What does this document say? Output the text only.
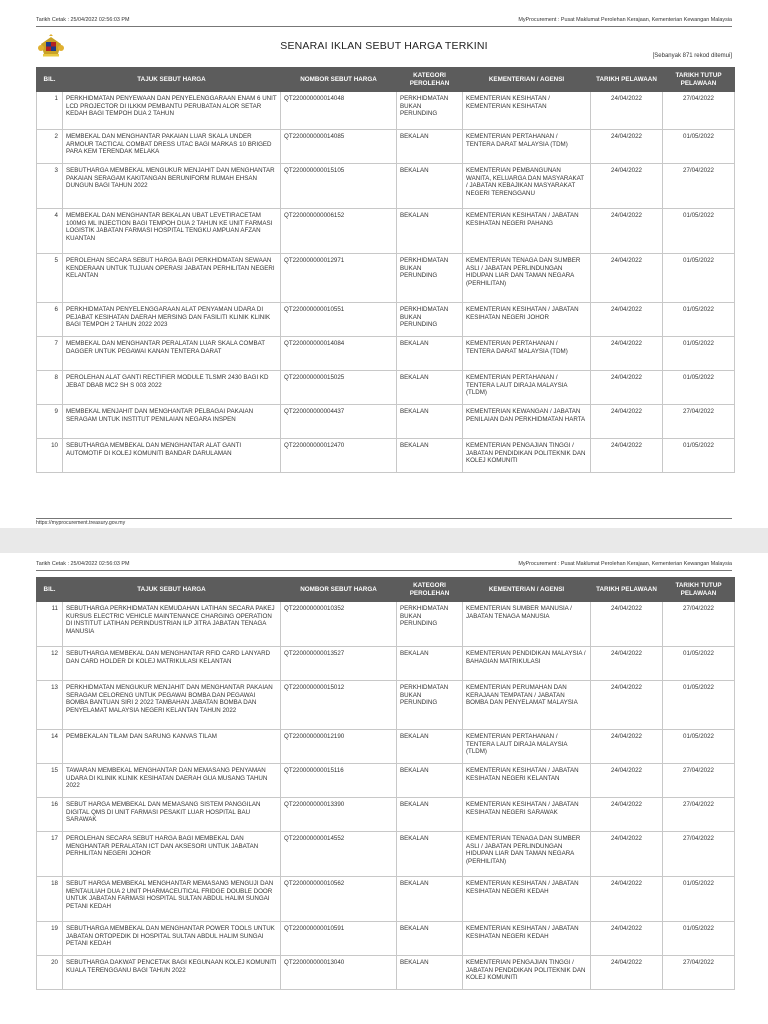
Tarikh Cetak : 25/04/2022 02:56:03 PM	MyProcurement : Pusat Maklumat Perolehan Kerajaan, Kementerian Kewangan Malaysia
SENARAI IKLAN SEBUT HARGA TERKINI
[Sebanyak 871 rekod ditemui]
BIL.	TAJUK SEBUT HARGA	NOMBOR SEBUT HARGA	KATEGORI PEROLEHAN	KEMENTERIAN / AGENSI	TARIKH PELAWAAN	TARIKH TUTUP PELAWAAN
1	PERKHIDMATAN PENYEWAAN DAN PENYELENGGARAAN ENAM 6 UNIT LCD PROJECTOR DI ILKKM PEMBANTU PERUBATAN ALOR SETAR KEDAH BAGI TEMPOH DUA 2 TAHUN	QT220000000014048	PERKHIDMATAN BUKAN PERUNDING	KEMENTERIAN KESIHATAN / KEMENTERIAN KESIHATAN	24/04/2022	27/04/2022
2	MEMBEKAL DAN MENGHANTAR PAKAIAN LUAR SKALA UNDER ARMOUR TACTICAL COMBAT DRESS UTAC BAGI MARKAS 10 BRIGED PARA KEM TERENDAK MELAKA	QT220000000014085	BEKALAN	KEMENTERIAN PERTAHANAN / TENTERA DARAT MALAYSIA (TDM)	24/04/2022	01/05/2022
3	SEBUTHARGA MEMBEKAL MENGUKUR MENJAHIT DAN MENGHANTAR PAKAIAN SERAGAM KAKITANGAN BERUNIFORM RUMAH EHSAN DUNGUN BAGI TAHUN 2022	QT220000000015105	BEKALAN	KEMENTERIAN PEMBANGUNAN WANITA, KELUARGA DAN MASYARAKAT / JABATAN KEBAJIKAN MASYARAKAT NEGERI TERENGGANU	24/04/2022	27/04/2022
4	MEMBEKAL DAN MENGHANTAR BEKALAN UBAT LEVETIRACETAM 100MG ML INJECTION BAGI TEMPOH DUA 2 TAHUN KE UNIT FARMASI LOGISTIK JABATAN FARMASI HOSPITAL TENGKU AMPUAN AFZAN KUANTAN	QT220000000006152	BEKALAN	KEMENTERIAN KESIHATAN / JABATAN KESIHATAN NEGERI PAHANG	24/04/2022	01/05/2022
5	PEROLEHAN SECARA SEBUT HARGA BAGI PERKHIDMATAN SEWAAN KENDERAAN UNTUK TUJUAN OPERASI JABATAN PERHILITAN NEGERI KELANTAN	QT220000000012971	PERKHIDMATAN BUKAN PERUNDING	KEMENTERIAN TENAGA DAN SUMBER ASLI / JABATAN PERLINDUNGAN HIDUPAN LIAR DAN TAMAN NEGARA (PERHILITAN)	24/04/2022	01/05/2022
6	PERKHIDMATAN PENYELENGGARAAN ALAT PENYAMAN UDARA DI PEJABAT KESIHATAN DAERAH MERSING DAN FASILITI KLINIK KLINIK BAGI TEMPOH 2 TAHUN 2022 2023	QT220000000010551	PERKHIDMATAN BUKAN PERUNDING	KEMENTERIAN KESIHATAN / JABATAN KESIHATAN NEGERI JOHOR	24/04/2022	01/05/2022
7	MEMBEKAL DAN MENGHANTAR PERALATAN LUAR SKALA COMBAT DAGGER UNTUK PEGAWAI KANAN TENTERA DARAT	QT220000000014084	BEKALAN	KEMENTERIAN PERTAHANAN / TENTERA DARAT MALAYSIA (TDM)	24/04/2022	01/05/2022
8	PEROLEHAN ALAT GANTI RECTIFIER MODULE TLSMR 2430 BAGI KD JEBAT DBAB MC2 SH S 003 2022	QT220000000015025	BEKALAN	KEMENTERIAN PERTAHANAN / TENTERA LAUT DIRAJA MALAYSIA (TLDM)	24/04/2022	01/05/2022
9	MEMBEKAL MENJAHIT DAN MENGHANTAR PELBAGAI PAKAIAN SERAGAM UNTUK INSTITUT PENILAIAN NEGARA INSPEN	QT220000000004437	BEKALAN	KEMENTERIAN KEWANGAN / JABATAN PENILAIAN DAN PERKHIDMATAN HARTA	24/04/2022	27/04/2022
10	SEBUTHARGA MEMBEKAL DAN MENGHANTAR ALAT GANTI AUTOMOTIF DI KOLEJ KOMUNITI BANDAR DARULAMAN	QT220000000012470	BEKALAN	KEMENTERIAN PENGAJIAN TINGGI / JABATAN PENDIDIKAN POLITEKNIK DAN KOLEJ KOMUNITI	24/04/2022	01/05/2022
https://myprocurement.treasury.gov.my
Tarikh Cetak : 25/04/2022 02:56:03 PM	MyProcurement : Pusat Maklumat Perolehan Kerajaan, Kementerian Kewangan Malaysia
BIL.	TAJUK SEBUT HARGA	NOMBOR SEBUT HARGA	KATEGORI PEROLEHAN	KEMENTERIAN / AGENSI	TARIKH PELAWAAN	TARIKH TUTUP PELAWAAN
11	SEBUTHARGA PERKHIDMATAN KEMUDAHAN LATIHAN SECARA PAKEJ KURSUS ELECTRIC VEHICLE MAINTENANCE CHARGING OPERATION DI INSTITUT LATIHAN PERINDUSTRIAN ILP JITRA JABATAN TENAGA MANUSIA	QT220000000010352	PERKHIDMATAN BUKAN PERUNDING	KEMENTERIAN SUMBER MANUSIA / JABATAN TENAGA MANUSIA	24/04/2022	27/04/2022
12	SEBUTHARGA MEMBEKAL DAN MENGHANTAR RFID CARD LANYARD DAN CARD HOLDER DI KOLEJ MATRIKULASI KELANTAN	QT220000000013527	BEKALAN	KEMENTERIAN PENDIDIKAN MALAYSIA / BAHAGIAN MATRIKULASI	24/04/2022	01/05/2022
13	PERKHIDMATAN MENGUKUR MENJAHIT DAN MENGHANTAR PAKAIAN SERAGAM CELORENG UNTUK PEGAWAI BOMBA DAN PEGAWAI BOMBA BANTUAN SIRI 2 2022 TAMBAHAN JABATAN BOMBA DAN PENYELAMAT MALAYSIA NEGERI KELANTAN TAHUN 2022	QT220000000015012	PERKHIDMATAN BUKAN PERUNDING	KEMENTERIAN PERUMAHAN DAN KERAJAAN TEMPATAN / JABATAN BOMBA DAN PENYELAMAT MALAYSIA	24/04/2022	01/05/2022
14	PEMBEKALAN TILAM DAN SARUNG KANVAS TILAM	QT220000000012190	BEKALAN	KEMENTERIAN PERTAHANAN / TENTERA LAUT DIRAJA MALAYSIA (TLDM)	24/04/2022	01/05/2022
15	TAWARAN MEMBEKAL MENGHANTAR DAN MEMASANG PENYAMAN UDARA DI KLINIK KLINIK KESIHATAN DAERAH GUA MUSANG TAHUN 2022	QT220000000015116	BEKALAN	KEMENTERIAN KESIHATAN / JABATAN KESIHATAN NEGERI KELANTAN	24/04/2022	27/04/2022
16	SEBUT HARGA MEMBEKAL DAN MEMASANG SISTEM PANGGILAN DIGITAL QMS DI UNIT FARMASI PESAKIT LUAR HOSPITAL BAU SARAWAK	QT220000000013390	BEKALAN	KEMENTERIAN KESIHATAN / JABATAN KESIHATAN NEGERI SARAWAK	24/04/2022	27/04/2022
17	PEROLEHAN SECARA SEBUT HARGA BAGI MEMBEKAL DAN MENGHANTAR PERALATAN ICT DAN AKSESORI UNTUK JABATAN PERHILITAN NEGERI JOHOR	QT220000000014552	BEKALAN	KEMENTERIAN TENAGA DAN SUMBER ASLI / JABATAN PERLINDUNGAN HIDUPAN LIAR DAN TAMAN NEGARA (PERHILITAN)	24/04/2022	27/04/2022
18	SEBUT HARGA MEMBEKAL MENGHANTAR MEMASANG MENGUJI DAN MENTAULIAH DUA 2 UNIT PHARMACEUTICAL FRIDGE DOUBLE DOOR UNTUK JABATAN FARMASI HOSPITAL SULTAN ABDUL HALIM SUNGAI PETANI KEDAH	QT220000000010562	BEKALAN	KEMENTERIAN KESIHATAN / JABATAN KESIHATAN NEGERI KEDAH	24/04/2022	01/05/2022
19	SEBUTHARGA MEMBEKAL DAN MENGHANTAR POWER TOOLS UNTUK JABATAN ORTOPEDIK DI HOSPITAL SULTAN ABDUL HALIM SUNGAI PETANI KEDAH	QT220000000010591	BEKALAN	KEMENTERIAN KESIHATAN / JABATAN KESIHATAN NEGERI KEDAH	24/04/2022	01/05/2022
20	SEBUTHARGA DAKWAT PENCETAK BAGI KEGUNAAN KOLEJ KOMUNITI KUALA TERENGGANU BAGI TAHUN 2022	QT220000000013040	BEKALAN	KEMENTERIAN PENGAJIAN TINGGI / JABATAN PENDIDIKAN POLITEKNIK DAN KOLEJ KOMUNITI	24/04/2022	27/04/2022
